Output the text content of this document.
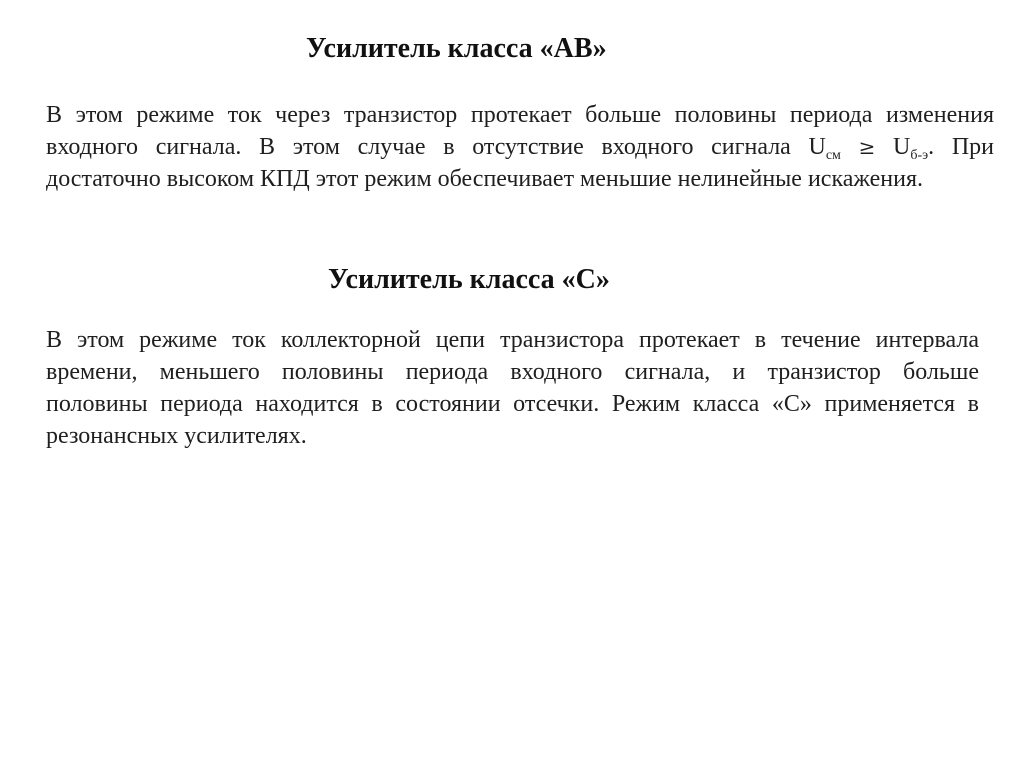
Усилитель класса «АВ»
В этом режиме ток через транзистор протекает больше половины периода изменения
входного сигнала. В этом случае в отсутствие входного сигнала $U_{см} \ge U_{б-э}$. При
достаточно высоком КПД этот режим обеспечивает меньшие нелинейные искажения.
Усилитель класса «С»
В этом режиме ток коллекторной цепи транзистора протекает в течение интервала
времени, меньшего половины периода входного сигнала, и транзистор больше
половины периода находится в состоянии отсечки. Режим класса «С» применяется в
резонансных усилителях.
